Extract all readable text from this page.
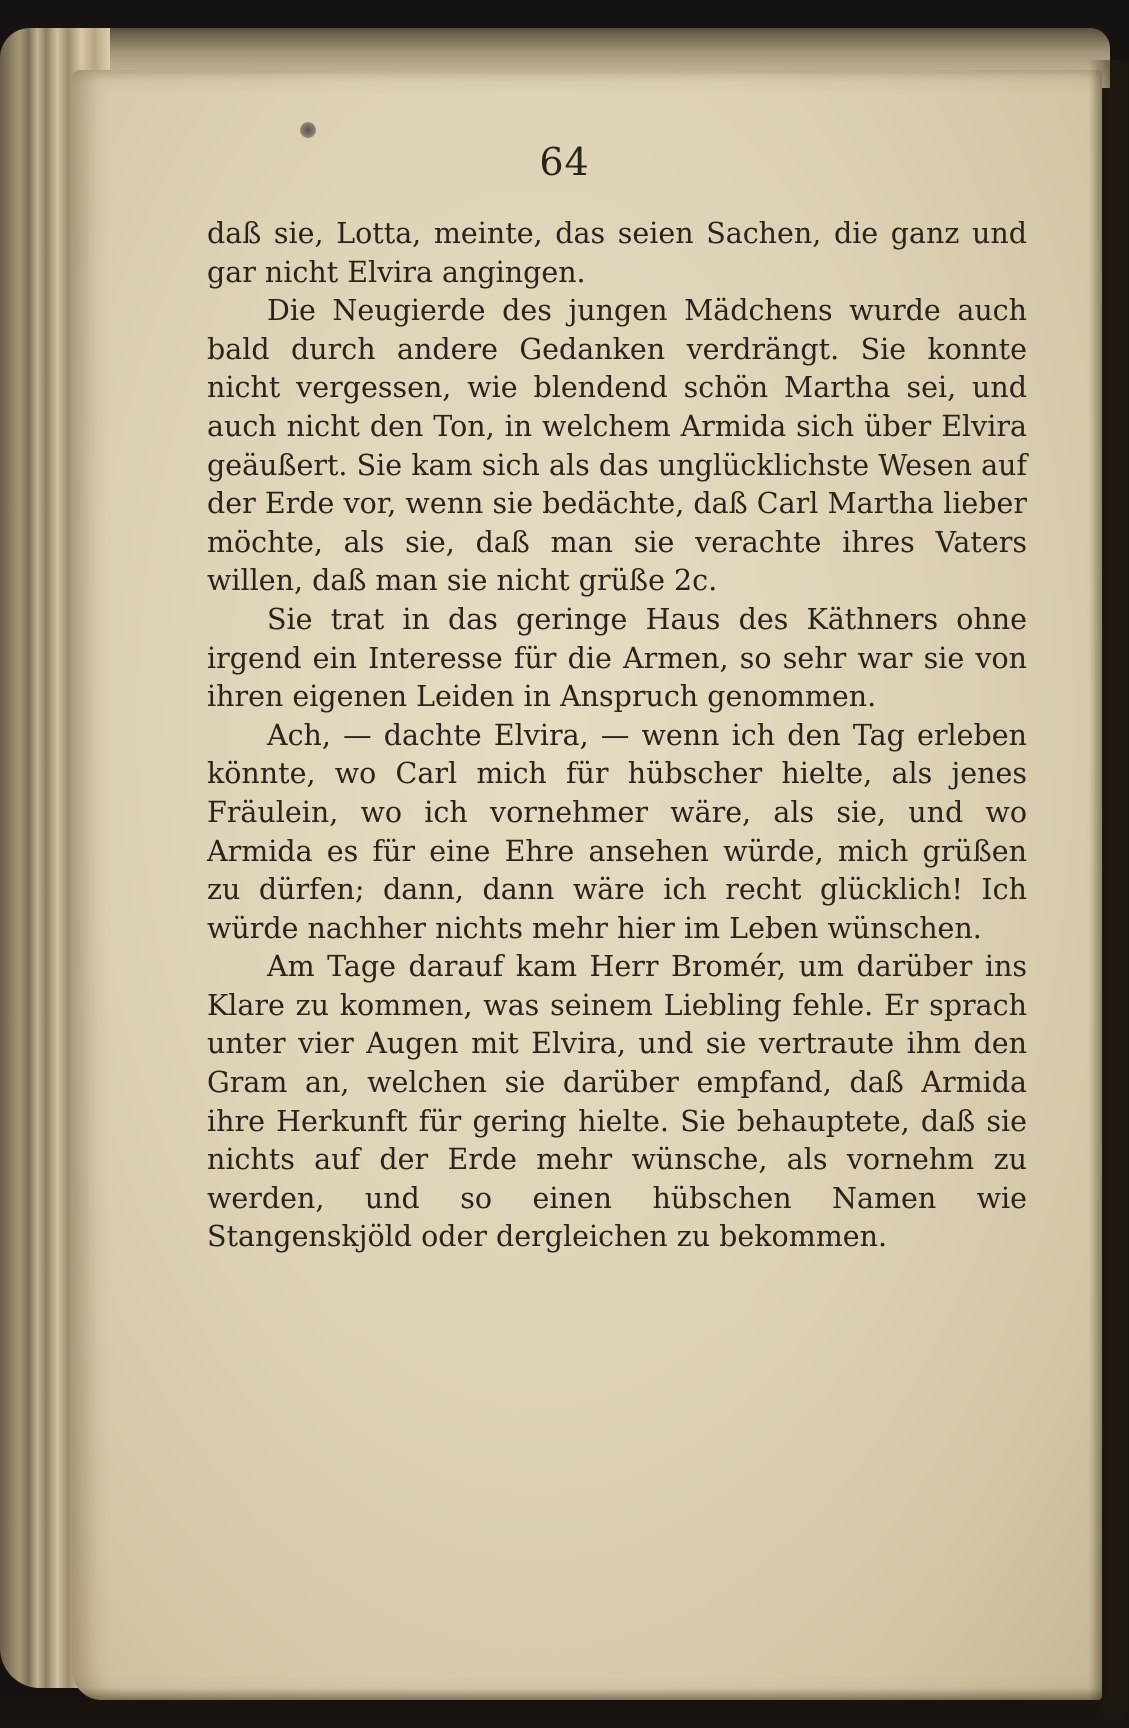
64

daß sie, Lotta, meinte, das seien Sachen, die ganz und gar nicht Elvira angingen.

Die Neugierde des jungen Mädchens wurde auch bald durch andere Gedanken verdrängt. Sie konnte nicht vergessen, wie blendend schön Martha sei, und auch nicht den Ton, in welchem Armida sich über Elvira geäußert. Sie kam sich als das unglücklichste Wesen auf der Erde vor, wenn sie bedächte, daß Carl Martha lieber möchte, als sie, daß man sie verachte ihres Vaters willen, daß man sie nicht grüße 2c.

Sie trat in das geringe Haus des Käthners ohne irgend ein Interesse für die Armen, so sehr war sie von ihren eigenen Leiden in Anspruch genommen.

Ach, — dachte Elvira, — wenn ich den Tag erleben könnte, wo Carl mich für hübscher hielte, als jenes Fräulein, wo ich vornehmer wäre, als sie, und wo Armida es für eine Ehre ansehen würde, mich grüßen zu dürfen; dann, dann wäre ich recht glücklich! Ich würde nachher nichts mehr hier im Leben wünschen.

Am Tage darauf kam Herr Bromér, um darüber ins Klare zu kommen, was seinem Liebling fehle. Er sprach unter vier Augen mit Elvira, und sie vertraute ihm den Gram an, welchen sie darüber empfand, daß Armida ihre Herkunft für gering hielte. Sie behauptete, daß sie nichts auf der Erde mehr wünsche, als vornehm zu werden, und so einen hübschen Namen wie Stangenskjöld oder dergleichen zu bekommen.
